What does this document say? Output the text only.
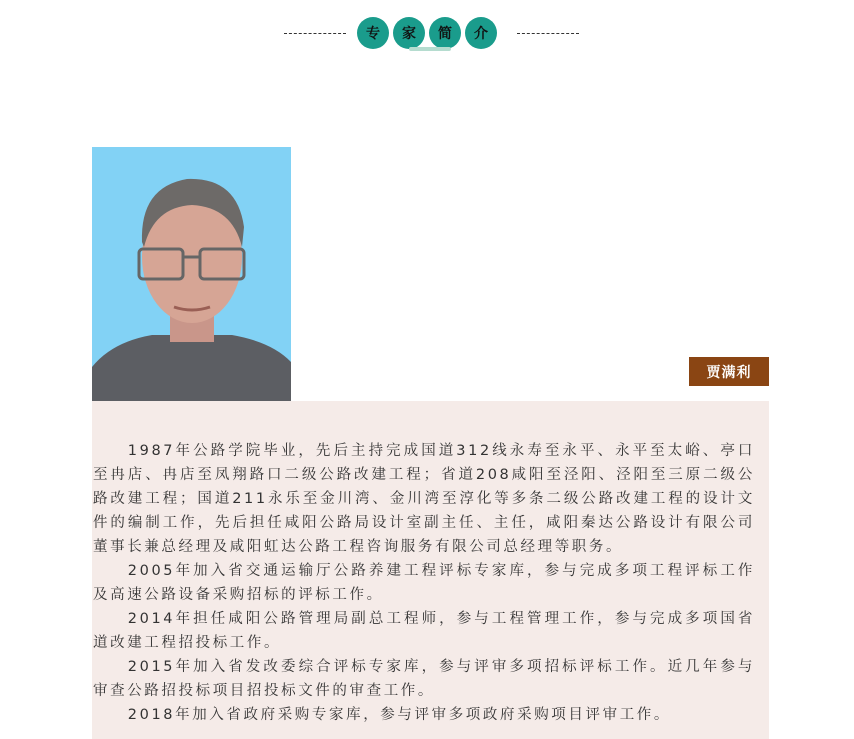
专	家	简	介
贾满利

1987年公路学院毕业，先后主持完成国道312线永寿至永平、永平至太峪、亭口至冉店、冉店至凤翔路口二级公路改建工程；省道208咸阳至泾阳、泾阳至三原二级公路改建工程；国道211永乐至金川湾、金川湾至淳化等多条二级公路改建工程的设计文件的编制工作，先后担任咸阳公路局设计室副主任、主任，咸阳秦达公路设计有限公司董事长兼总经理及咸阳虹达公路工程咨询服务有限公司总经理等职务。

2005年加入省交通运输厅公路养建工程评标专家库，参与完成多项工程评标工作及高速公路设备采购招标的评标工作。

2014年担任咸阳公路管理局副总工程师，参与工程管理工作，参与完成多项国省道改建工程招投标工作。

2015年加入省发改委综合评标专家库，参与评审多项招标评标工作。近几年参与审查公路招投标项目招投标文件的审查工作。

2018年加入省政府采购专家库，参与评审多项政府采购项目评审工作。
